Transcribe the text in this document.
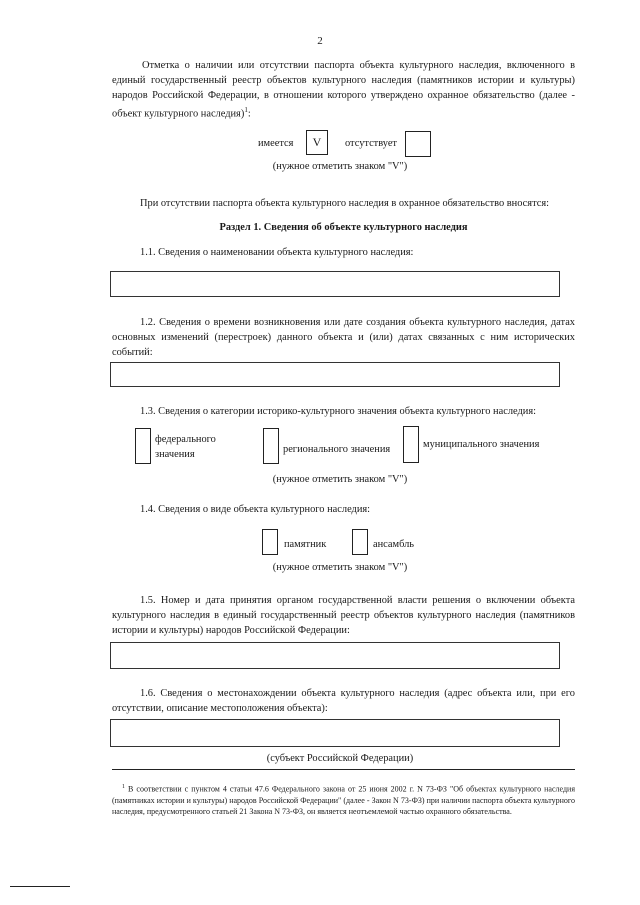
2
Отметка о наличии или отсутствии паспорта объекта культурного наследия, включенного в единый государственный реестр объектов культурного наследия (памятников истории и культуры) народов Российской Федерации, в отношении которого утверждено охранное обязательство (далее - объект культурного наследия)$^1$:
имеется	V	отсутствует
(нужное отметить знаком "V")
При отсутствии паспорта объекта культурного наследия в охранное обязательство вносятся:
Раздел 1. Сведения об объекте культурного наследия
1.1. Сведения о наименовании объекта культурного наследия:
1.2. Сведения о времени возникновения или дате создания объекта культурного наследия, датах основных изменений (перестроек) данного объекта и (или) датах связанных с ним исторических событий:
1.3. Сведения о категории историко-культурного значения объекта культурного наследия:
федерального значения	регионального значения	муниципального значения
(нужное отметить знаком "V")
1.4. Сведения о виде объекта культурного наследия:
памятник	ансамбль
(нужное отметить знаком "V")
1.5. Номер и дата принятия органом государственной власти решения о включении объекта культурного наследия в единый государственный реестр объектов культурного наследия (памятников истории и культуры) народов Российской Федерации:
1.6. Сведения о местонахождении объекта культурного наследия (адрес объекта или, при его отсутствии, описание местоположения объекта):
(субъект Российской Федерации)
$^1$ В соответствии с пунктом 4 статьи 47.6 Федерального закона от 25 июня 2002 г. N 73-ФЗ "Об объектах культурного наследия (памятниках истории и культуры) народов Российской Федерации" (далее - Закон N 73-ФЗ) при наличии паспорта объекта культурного наследия, предусмотренного статьей 21 Закона N 73-ФЗ, он является неотъемлемой частью охранного обязательства.
